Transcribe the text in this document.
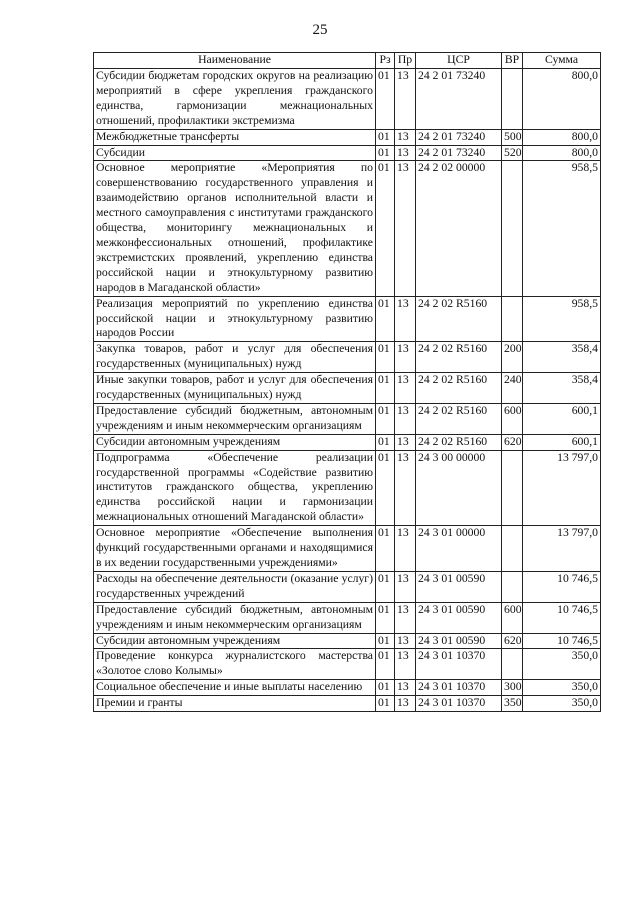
25
Наименование	Рз	Пр	ЦСР	ВР	Сумма
Субсидии бюджетам городских округов на реализацию мероприятий в сфере укрепления гражданского единства, гармонизации межнациональных отношений, профилактики экстремизма	01	13	24 2 01 73240		800,0
Межбюджетные трансферты	01	13	24 2 01 73240	500	800,0
Субсидии	01	13	24 2 01 73240	520	800,0
Основное мероприятие «Мероприятия по совершенствованию государственного управления и взаимодействию органов исполнительной власти и местного самоуправления с институтами гражданского общества, мониторингу межнациональных и межконфессиональных отношений, профилактике экстремистских проявлений, укреплению единства российской нации и этнокультурному развитию народов в Магаданской области»	01	13	24 2 02 00000		958,5
Реализация мероприятий по укреплению единства российской нации и этнокультурному развитию народов России	01	13	24 2 02 R5160		958,5
Закупка товаров, работ и услуг для обеспечения государственных (муниципальных) нужд	01	13	24 2 02 R5160	200	358,4
Иные закупки товаров, работ и услуг для обеспечения государственных (муниципальных) нужд	01	13	24 2 02 R5160	240	358,4
Предоставление субсидий бюджетным, автономным учреждениям и иным некоммерческим организациям	01	13	24 2 02 R5160	600	600,1
Субсидии автономным учреждениям	01	13	24 2 02 R5160	620	600,1
Подпрограмма «Обеспечение реализации государственной программы «Содействие развитию институтов гражданского общества, укреплению единства российской нации и гармонизации межнациональных отношений Магаданской области»	01	13	24 3 00 00000		13 797,0
Основное мероприятие «Обеспечение выполнения функций государственными органами и находящимися в их ведении государственными учреждениями»	01	13	24 3 01 00000		13 797,0
Расходы на обеспечение деятельности (оказание услуг) государственных учреждений	01	13	24 3 01 00590		10 746,5
Предоставление субсидий бюджетным, автономным учреждениям и иным некоммерческим организациям	01	13	24 3 01 00590	600	10 746,5
Субсидии автономным учреждениям	01	13	24 3 01 00590	620	10 746,5
Проведение конкурса журналистского мастерства «Золотое слово Колымы»	01	13	24 3 01 10370		350,0
Социальное обеспечение и иные выплаты населению	01	13	24 3 01 10370	300	350,0
Премии и гранты	01	13	24 3 01 10370	350	350,0
